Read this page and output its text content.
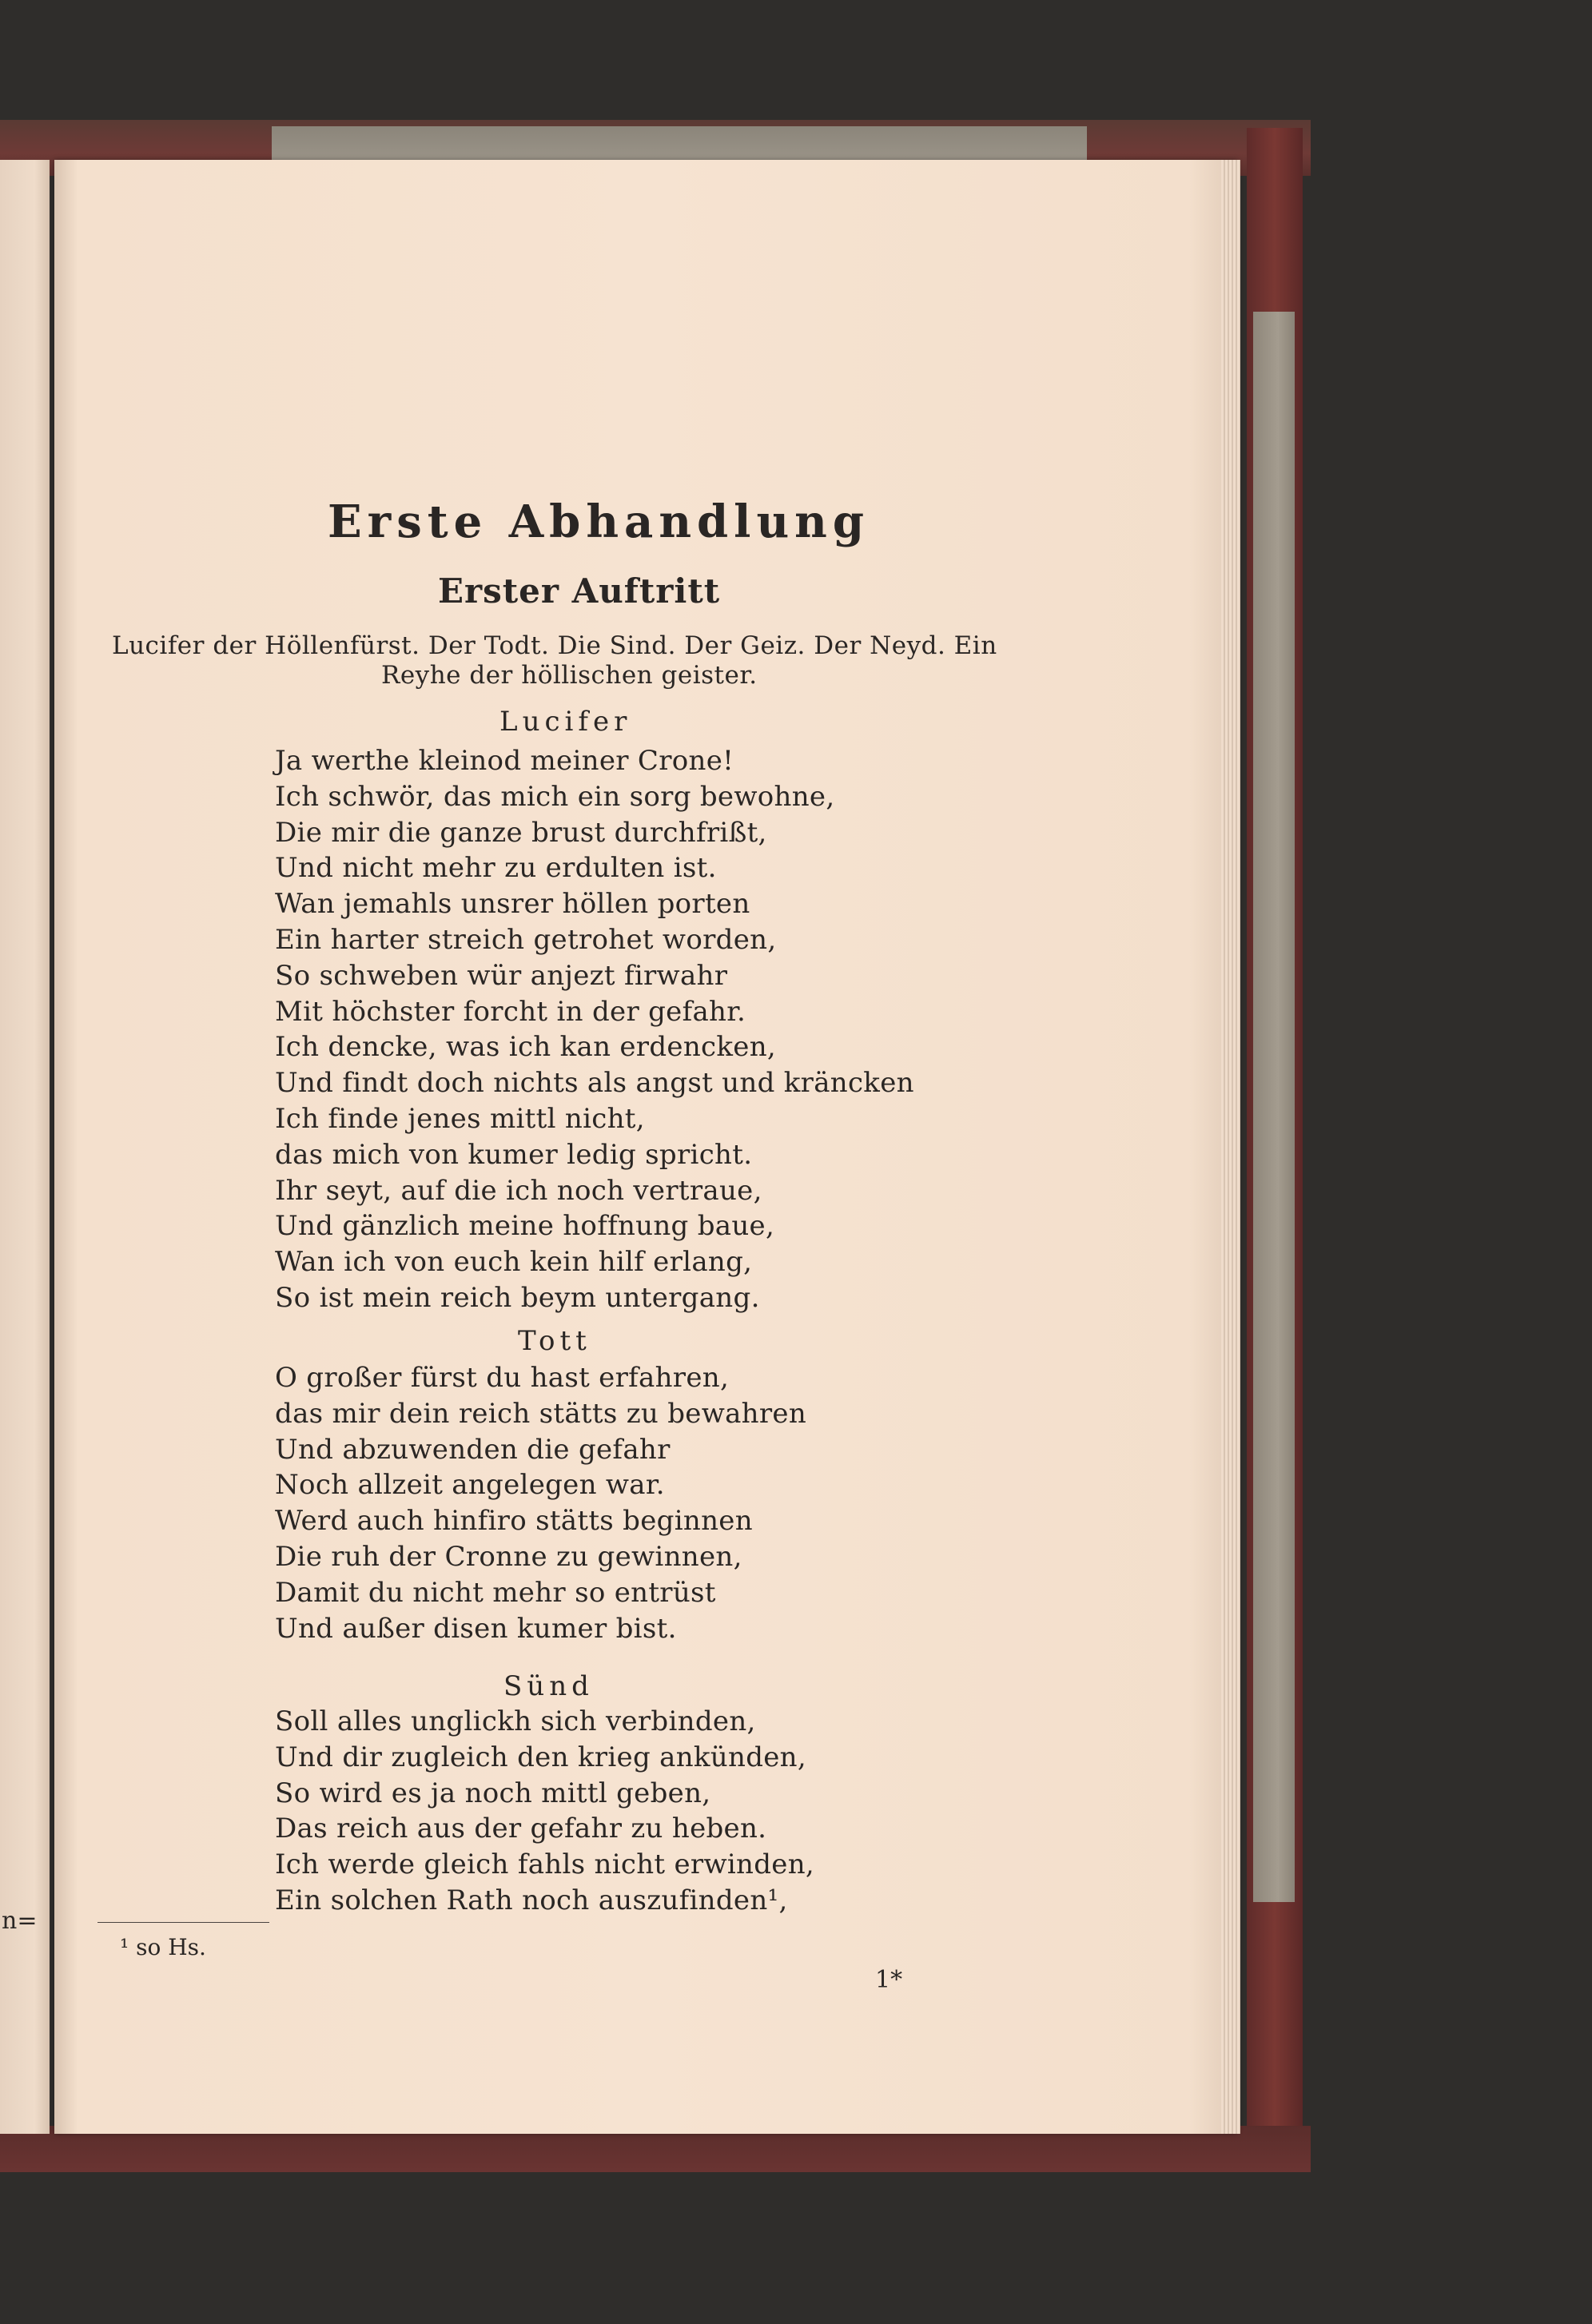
n=
Erste Abhandlung
Erster Auftritt
Lucifer der Höllenfürst. Der Todt. Die Sind. Der Geiz. Der Neyd. Ein
Reyhe der höllischen geister.
Lucifer
Ja werthe kleinod meiner Crone!
Ich schwör, das mich ein sorg bewohne,
Die mir die ganze brust durchfrißt,
Und nicht mehr zu erdulten ist.
Wan jemahls unsrer höllen porten
Ein harter streich getrohet worden,
So schweben wür anjezt firwahr
Mit höchster forcht in der gefahr.
Ich dencke, was ich kan erdencken,
Und findt doch nichts als angst und kräncken
Ich finde jenes mittl nicht,
das mich von kumer ledig spricht.
Ihr seyt, auf die ich noch vertraue,
Und gänzlich meine hoffnung baue,
Wan ich von euch kein hilf erlang,
So ist mein reich beym untergang.
Tott
O großer fürst du hast erfahren,
das mir dein reich stätts zu bewahren
Und abzuwenden die gefahr
Noch allzeit angelegen war.
Werd auch hinfiro stätts beginnen
Die ruh der Cronne zu gewinnen,
Damit du nicht mehr so entrüst
Und außer disen kumer bist.
Sünd
Soll alles unglickh sich verbinden,
Und dir zugleich den krieg ankünden,
So wird es ja noch mittl geben,
Das reich aus der gefahr zu heben.
Ich werde gleich fahls nicht erwinden,
Ein solchen Rath noch auszufinden¹,
¹ so Hs.
1*
